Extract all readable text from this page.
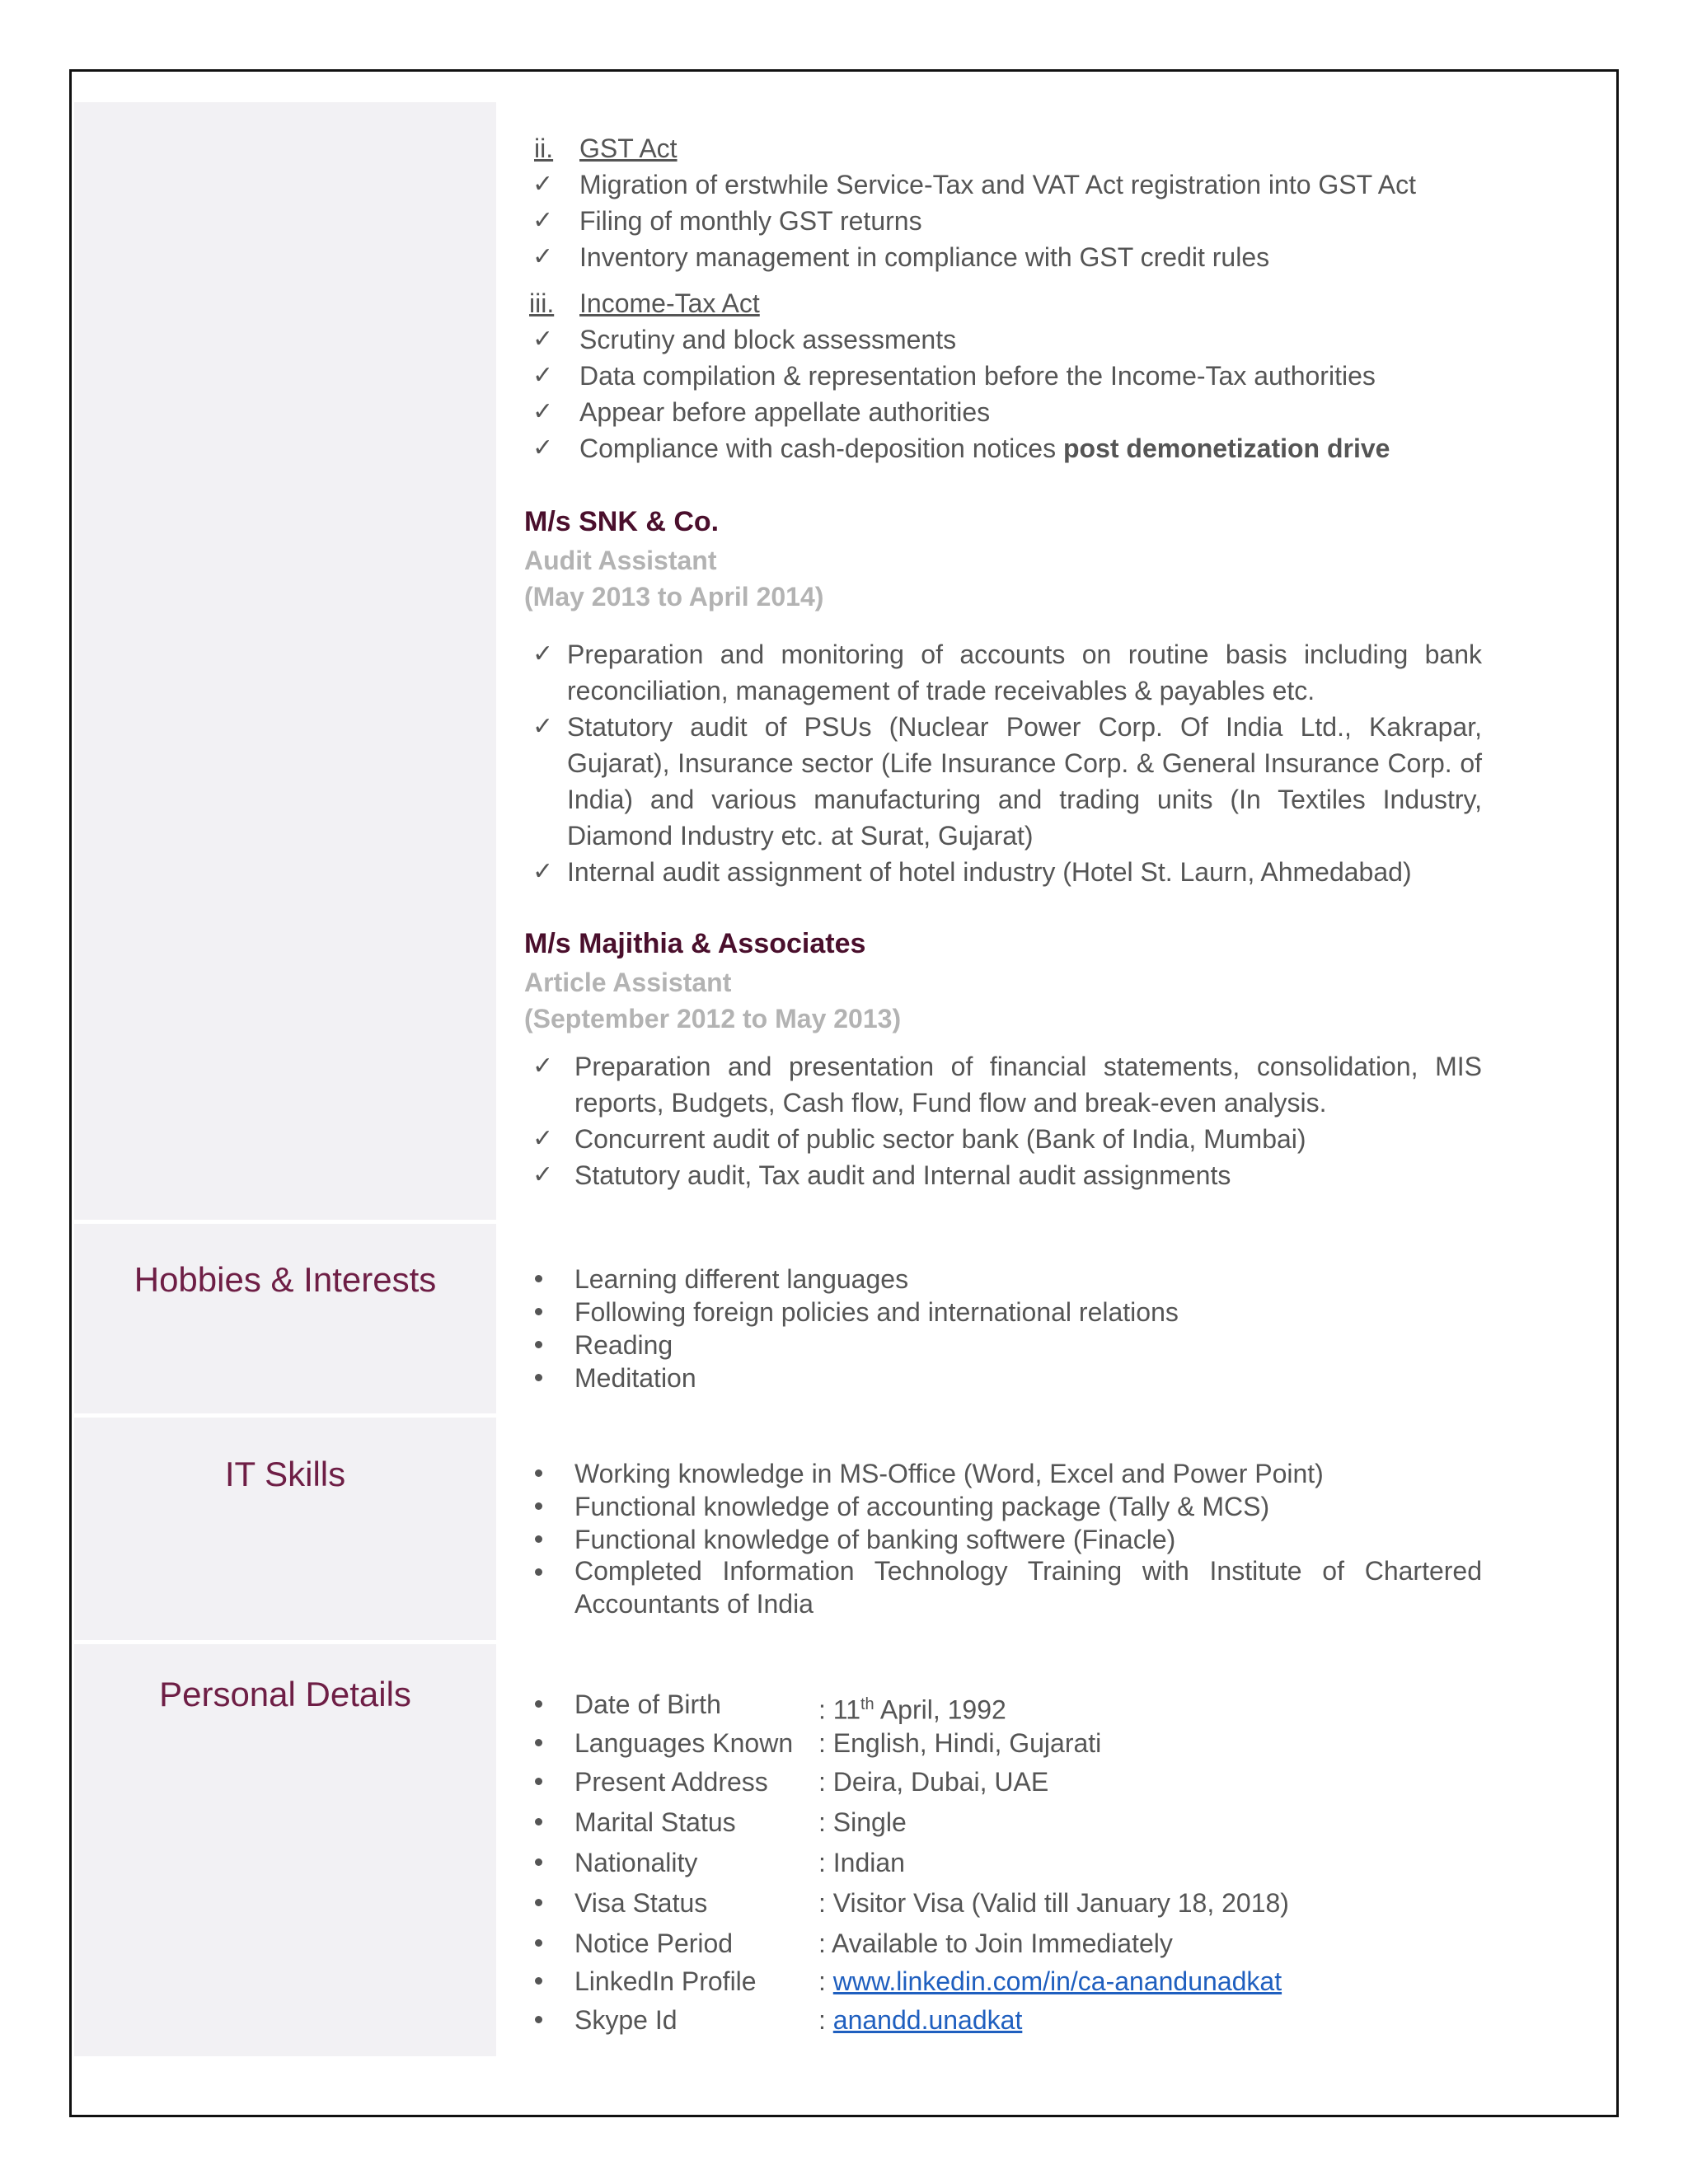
ii. GST Act
✓ Migration of erstwhile Service-Tax and VAT Act registration into GST Act
✓ Filing of monthly GST returns
✓ Inventory management in compliance with GST credit rules
iii. Income-Tax Act
✓ Scrutiny and block assessments
✓ Data compilation & representation before the Income-Tax authorities
✓ Appear before appellate authorities
✓ Compliance with cash-deposition notices post demonetization drive
M/s SNK & Co.
Audit Assistant
(May 2013 to April 2014)
✓ Preparation and monitoring of accounts on routine basis including bank reconciliation, management of trade receivables & payables etc.
✓ Statutory audit of PSUs (Nuclear Power Corp. Of India Ltd., Kakrapar, Gujarat), Insurance sector (Life Insurance Corp. & General Insurance Corp. of India) and various manufacturing and trading units (In Textiles Industry, Diamond Industry etc. at Surat, Gujarat)
✓ Internal audit assignment of hotel industry (Hotel St. Laurn, Ahmedabad)
M/s Majithia & Associates
Article Assistant
(September 2012 to May 2013)
✓ Preparation and presentation of financial statements, consolidation, MIS reports, Budgets, Cash flow, Fund flow and break-even analysis.
✓ Concurrent audit of public sector bank (Bank of India, Mumbai)
✓ Statutory audit, Tax audit and Internal audit assignments
Hobbies & Interests	Learning different languages
Following foreign policies and international relations
Reading
Meditation
IT Skills	Working knowledge in MS-Office (Word, Excel and Power Point)
Functional knowledge of accounting package (Tally & MCS)
Functional knowledge of banking softwere (Finacle)
Completed Information Technology Training with Institute of Chartered Accountants of India
Personal Details	Date of Birth	: 11th April, 1992
Languages Known : English, Hindi, Gujarati
Present Address : Deira, Dubai, UAE
Marital Status	: Single
Nationality	: Indian
Visa Status	: Visitor Visa (Valid till January 18, 2018)
Notice Period	: Available to Join Immediately
LinkedIn Profile : www.linkedin.com/in/ca-anandunadkat
Skype Id	: anandd.unadkat
